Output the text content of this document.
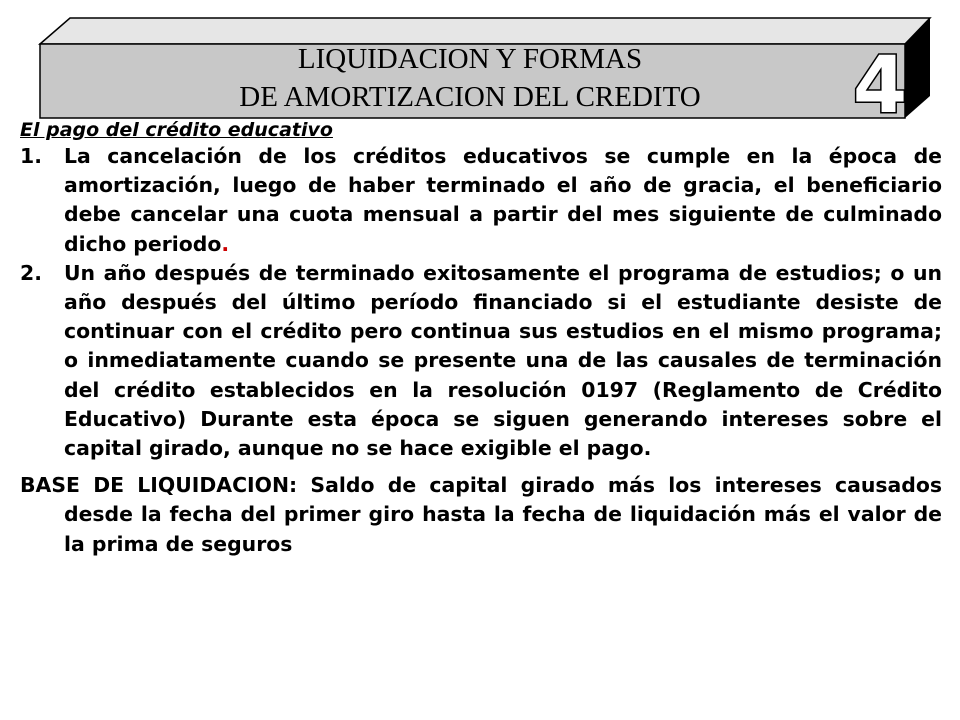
4
LIQUIDACION Y FORMAS
DE AMORTIZACION DEL CREDITO
El pago del crédito educativo

1. La cancelación de los créditos educativos se cumple en la época de amortización, luego de haber terminado el año de gracia, el beneficiario debe cancelar una cuota mensual a partir del mes siguiente de culminado dicho periodo.

2. Un año después de terminado exitosamente el programa de estudios; o un año después del último período financiado si el estudiante desiste de continuar con el crédito pero continua sus estudios en el mismo programa; o inmediatamente cuando se presente una de las causales de terminación del crédito establecidos en la resolución 0197 (Reglamento de Crédito Educativo) Durante esta época se siguen generando intereses sobre el capital girado, aunque no se hace exigible el pago.

BASE DE LIQUIDACION: Saldo de capital girado más los intereses causados desde la fecha del primer giro hasta la fecha de liquidación más el valor de la prima de seguros
